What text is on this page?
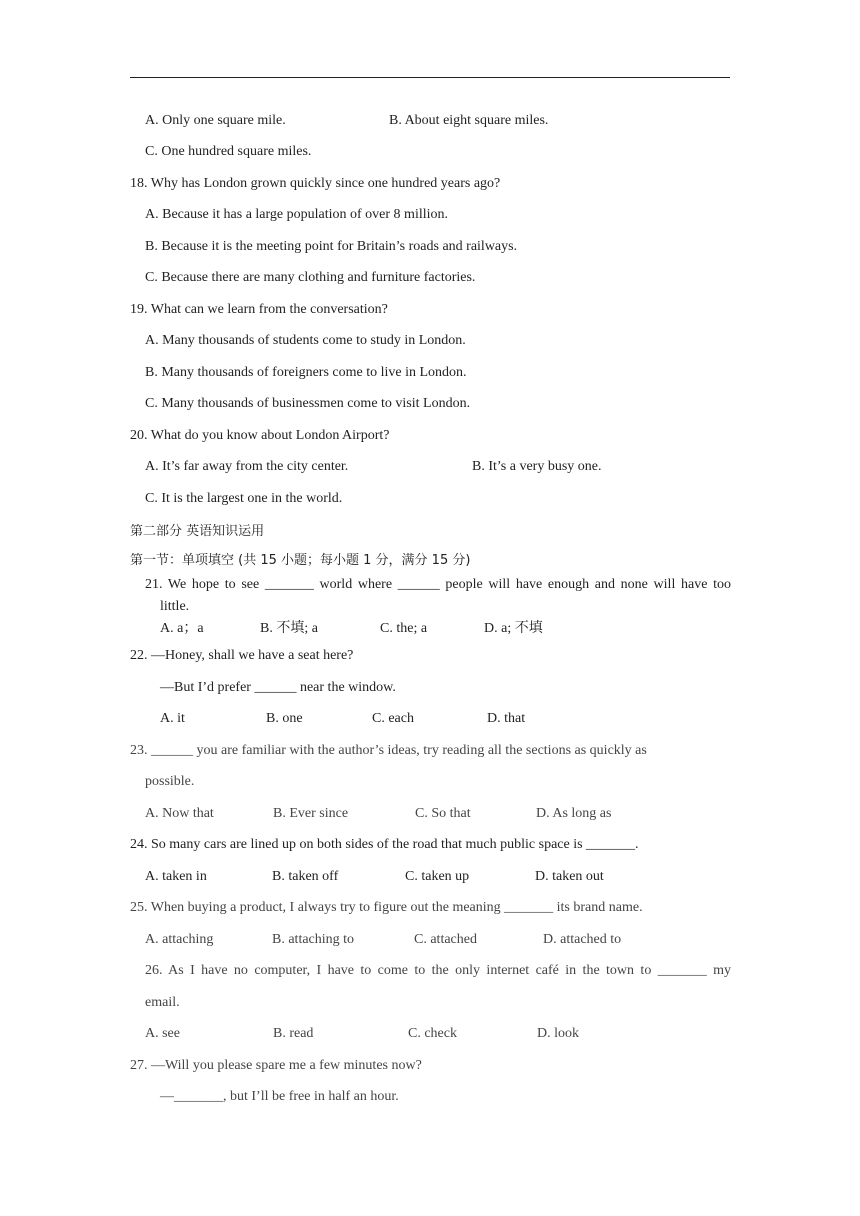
A. Only one square mile.	B. About eight square miles.
C. One hundred square miles.
18. Why has London grown quickly since one hundred years ago?
A. Because it has a large population of over 8 million.
B. Because it is the meeting point for Britain’s roads and railways.
C. Because there are many clothing and furniture factories.
19. What can we learn from the conversation?
A. Many thousands of students come to study in London.
B. Many thousands of foreigners come to live in London.
C. Many thousands of businessmen come to visit London.
20. What do you know about London Airport?
A. It’s far away from the city center.	B. It’s a very busy one.
C. It is the largest one in the world.
第二部分 英语知识运用
第一节：单项填空 (共 15 小题；每小题 1 分，满分 15 分)
21. We hope to see _______ world where ______ people will have enough and none will have too
little.
A. a；a	B. 不填; a	C. the; a	D. a; 不填
22. —Honey, shall we have a seat here?
—But I’d prefer ______ near the window.
A. it	B. one	C. each	D. that
23. ______ you are familiar with the author’s ideas, try reading all the sections as quickly as
possible.
A. Now that	B. Ever since	C. So that	D. As long as
24. So many cars are lined up on both sides of the road that much public space is _______.
A. taken in	B. taken off	C. taken up	D. taken out
25. When buying a product, I always try to figure out the meaning _______ its brand name.
A. attaching	B. attaching to	C. attached	D. attached to
26. As I have no computer, I have to come to the only internet café in the town to _______ my
email.
A. see	B. read	C. check	D. look
27. —Will you please spare me a few minutes now?
—_______, but I’ll be free in half an hour.
